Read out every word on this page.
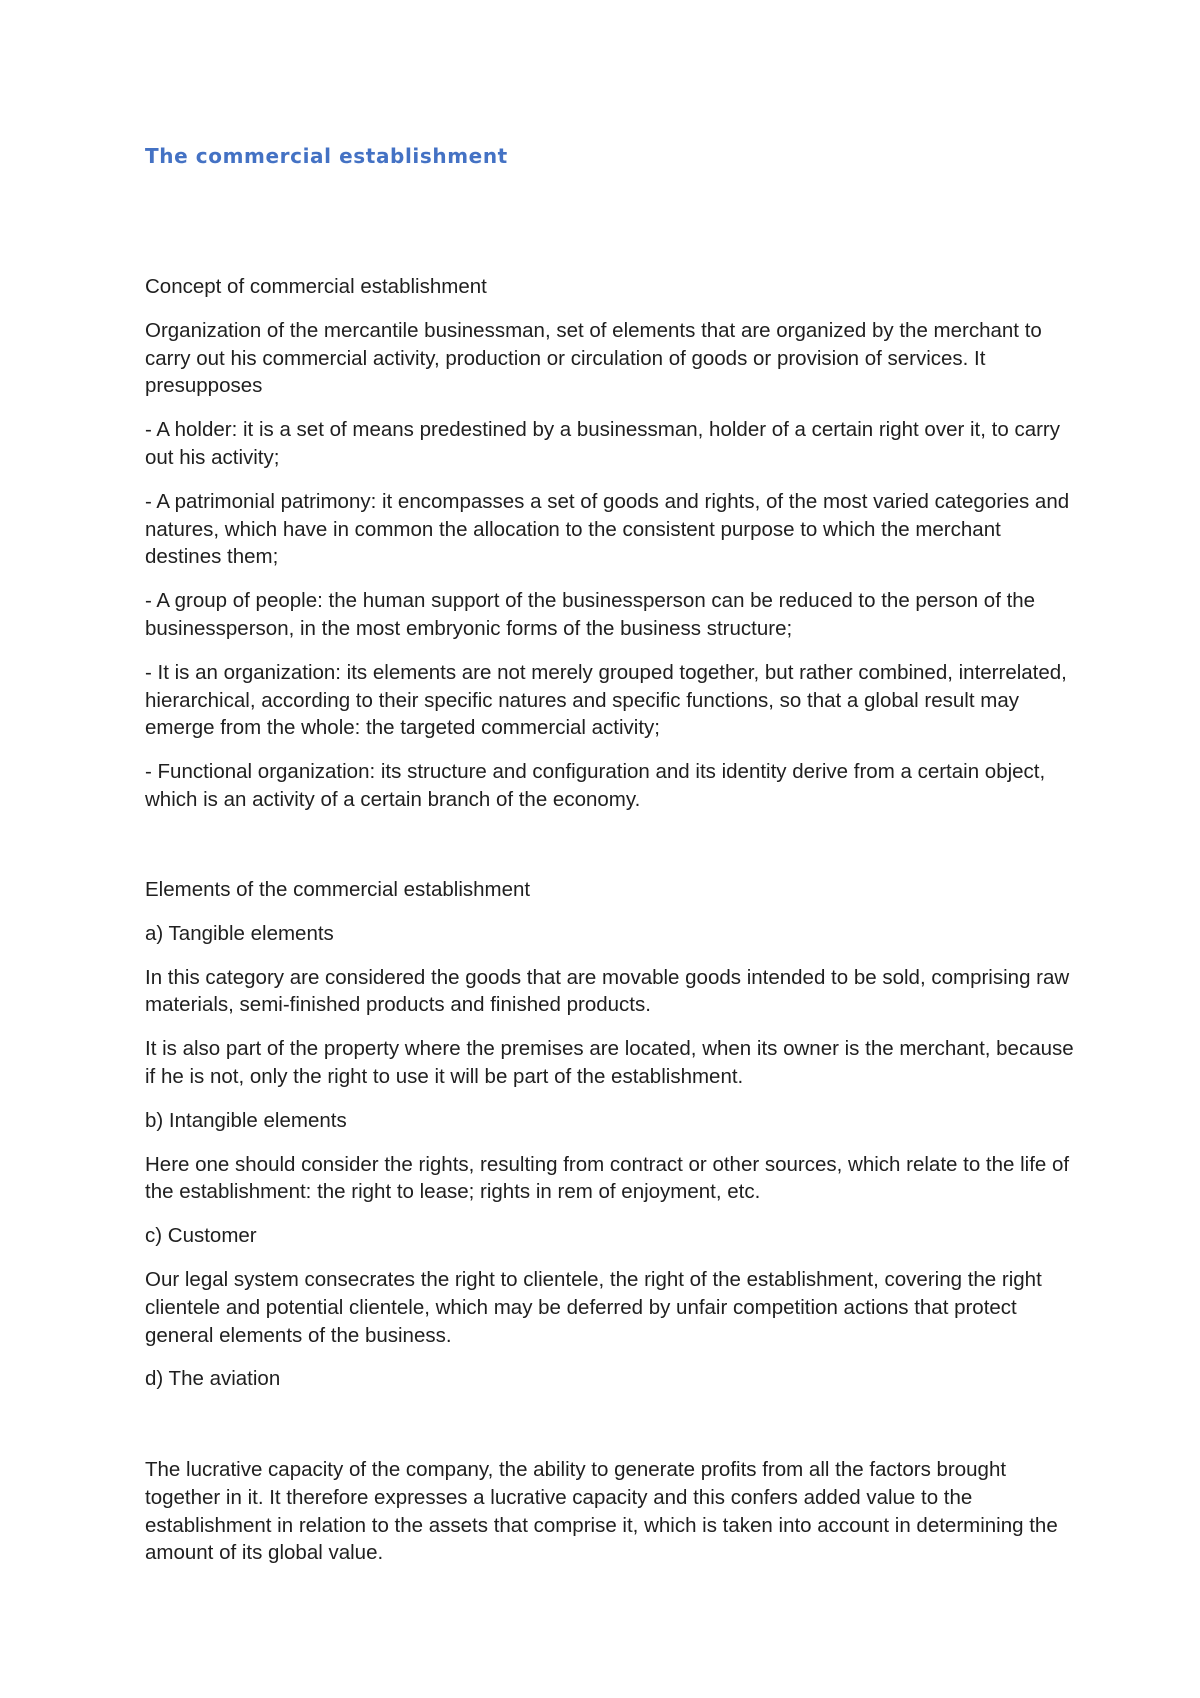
The commercial establishment

Concept of commercial establishment

Organization of the mercantile businessman, set of elements that are organized by the merchant to carry out his commercial activity, production or circulation of goods or provision of services. It presupposes

- A holder: it is a set of means predestined by a businessman, holder of a certain right over it, to carry out his activity;

- A patrimonial patrimony: it encompasses a set of goods and rights, of the most varied categories and natures, which have in common the allocation to the consistent purpose to which the merchant destines them;

- A group of people: the human support of the businessperson can be reduced to the person of the businessperson, in the most embryonic forms of the business structure;

- It is an organization: its elements are not merely grouped together, but rather combined, interrelated, hierarchical, according to their specific natures and specific functions, so that a global result may emerge from the whole: the targeted commercial activity;

- Functional organization: its structure and configuration and its identity derive from a certain object, which is an activity of a certain branch of the economy.

Elements of the commercial establishment

a) Tangible elements

In this category are considered the goods that are movable goods intended to be sold, comprising raw materials, semi-finished products and finished products.

It is also part of the property where the premises are located, when its owner is the merchant, because if he is not, only the right to use it will be part of the establishment.

b) Intangible elements

Here one should consider the rights, resulting from contract or other sources, which relate to the life of the establishment: the right to lease; rights in rem of enjoyment, etc.

c) Customer

Our legal system consecrates the right to clientele, the right of the establishment, covering the right clientele and potential clientele, which may be deferred by unfair competition actions that protect general elements of the business.

d) The aviation

The lucrative capacity of the company, the ability to generate profits from all the factors brought together in it. It therefore expresses a lucrative capacity and this confers added value to the establishment in relation to the assets that comprise it, which is taken into account in determining the amount of its global value.
